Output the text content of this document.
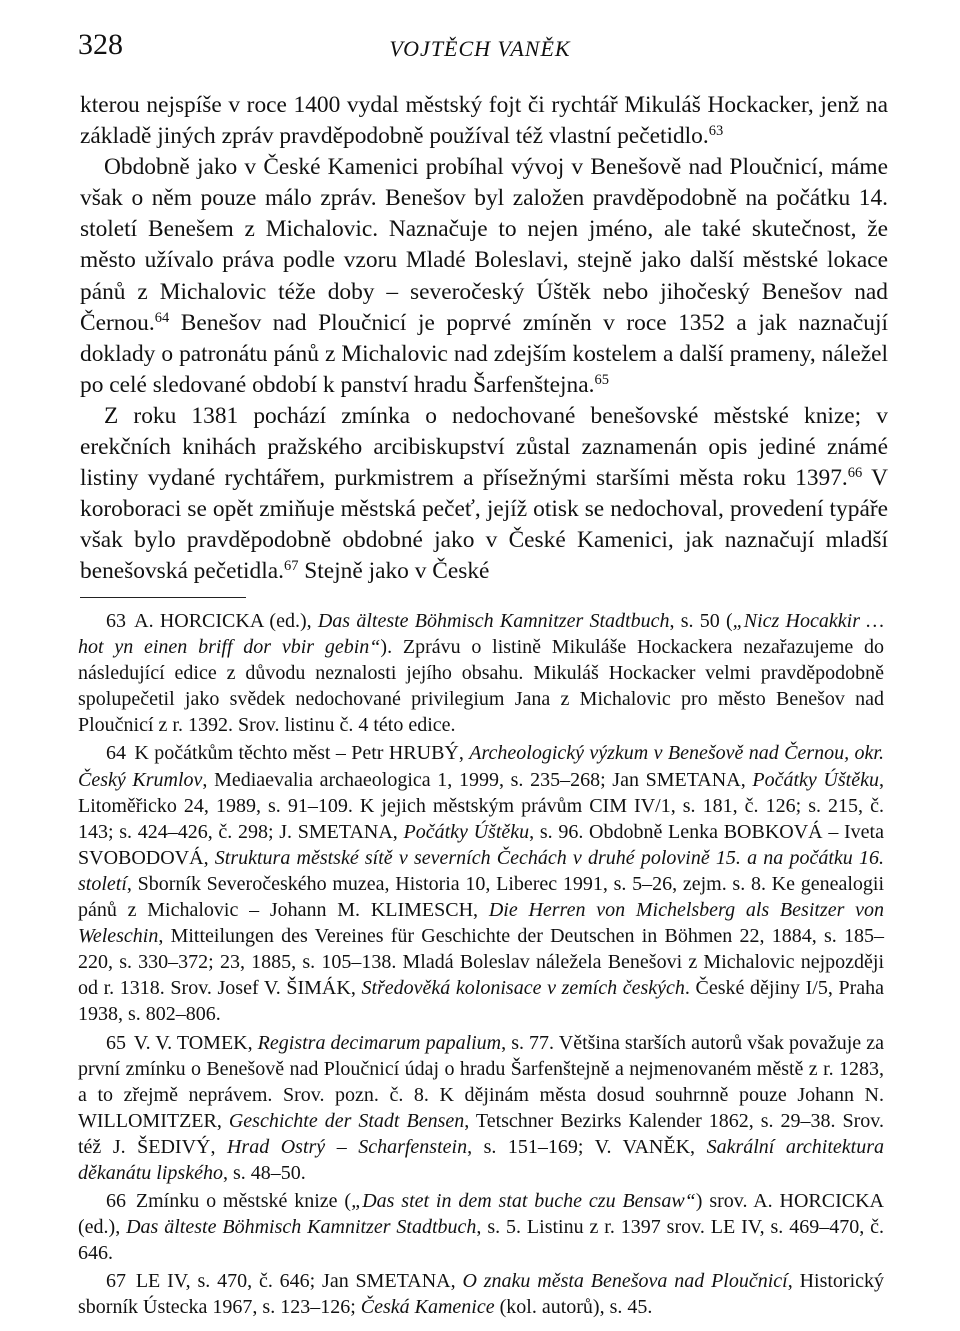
328	VOJTĚCH VANĚK

kterou nejspíše v roce 1400 vydal městský fojt či rychtář Mikuláš Hockacker, jenž na základě jiných zpráv pravděpodobně používal též vlastní pečetidlo.$^{63}$

Obdobně jako v České Kamenici probíhal vývoj v Benešově nad Ploučnicí, máme však o něm pouze málo zpráv. Benešov byl založen pravděpodobně na počátku 14. století Benešem z Michalovic. Naznačuje to nejen jméno, ale také skutečnost, že město užívalo práva podle vzoru Mladé Boleslavi, stejně jako další městské lokace pánů z Michalovic téže doby – severočeský Úštěk nebo jihočeský Benešov nad Černou.$^{64}$ Benešov nad Ploučnicí je poprvé zmíněn v roce 1352 a jak naznačují doklady o patronátu pánů z Michalovic nad zdejším kostelem a další prameny, náležel po celé sledované období k panství hradu Šarfenštejna.$^{65}$

Z roku 1381 pochází zmínka o nedochované benešovské městské knize; v erekčních knihách pražského arcibiskupství zůstal zaznamenán opis jediné známé listiny vydané rychtářem, purkmistrem a přísežnými staršími města roku 1397.66 V koroboraci se opět zmiňuje městská pečeť, jejíž otisk se nedochoval, provedení typáře však bylo pravděpodobně obdobné jako v České Kamenici, jak naznačují mladší benešovská pečetidla.$^{67}$ Stejně jako v České

63 A. HORCICKA (ed.), Das älteste Böhmisch Kamnitzer Stadtbuch, s. 50 („Nicz Hocakkir … hot yn einen briff dor vbir gebin“). Zprávu o listině Mikuláše Hockackera nezařazujeme do následující edice z důvodu neznalosti jejího obsahu. Mikuláš Hockacker velmi pravděpodobně spolupečetil jako svědek nedochované privilegium Jana z Michalovic pro město Benešov nad Ploučnicí z r. 1392. Srov. listinu č. 4 této edice.

64 K počátkům těchto měst – Petr HRUBÝ, Archeologický výzkum v Benešově nad Černou, okr. Český Krumlov, Mediaevalia archaeologica 1, 1999, s. 235–268; Jan SMETANA, Počátky Úštěku, Litoměřicko 24, 1989, s. 91–109. K jejich městským právům CIM IV/1, s. 181, č. 126; s. 215, č. 143; s. 424–426, č. 298; J. SMETANA, Počátky Úštěku, s. 96. Obdobně Lenka BOBKOVÁ – Iveta SVOBODOVÁ, Struktura městské sítě v severních Čechách v druhé polovině 15. a na počátku 16. století, Sborník Severočeského muzea, Historia 10, Liberec 1991, s. 5–26, zejm. s. 8. Ke genealogii pánů z Michalovic – Johann M. KLIMESCH, Die Herren von Michelsberg als Besitzer von Weleschin, Mitteilungen des Vereines für Geschichte der Deutschen in Böhmen 22, 1884, s. 185–220, s. 330–372; 23, 1885, s. 105–138. Mladá Boleslav náležela Benešovi z Michalovic nejpozději od r. 1318. Srov. Josef V. ŠIMÁK, Středověká kolonisace v zemích českých. České dějiny I/5, Praha 1938, s. 802–806.

65 V. V. TOMEK, Registra decimarum papalium, s. 77. Většina starších autorů však považuje za první zmínku o Benešově nad Ploučnicí údaj o hradu Šarfenštejně a nejmenovaném městě z r. 1283, a to zřejmě neprávem. Srov. pozn. č. 8. K dějinám města dosud souhrnně pouze Johann N. WILLOMITZER, Geschichte der Stadt Bensen, Tetschner Bezirks Kalender 1862, s. 29–38. Srov. též J. ŠEDIVÝ, Hrad Ostrý – Scharfenstein, s. 151–169; V. VANĚK, Sakrální architektura děkanátu lipského, s. 48–50.

66 Zmínku o městské knize („Das stet in dem stat buche czu Bensaw“) srov. A. HORCICKA (ed.), Das älteste Böhmisch Kamnitzer Stadtbuch, s. 5. Listinu z r. 1397 srov. LE IV, s. 469–470, č. 646.

67 LE IV, s. 470, č. 646; Jan SMETANA, O znaku města Benešova nad Ploučnicí, Historický sborník Ústecka 1967, s. 123–126; Česká Kamenice (kol. autorů), s. 45.
